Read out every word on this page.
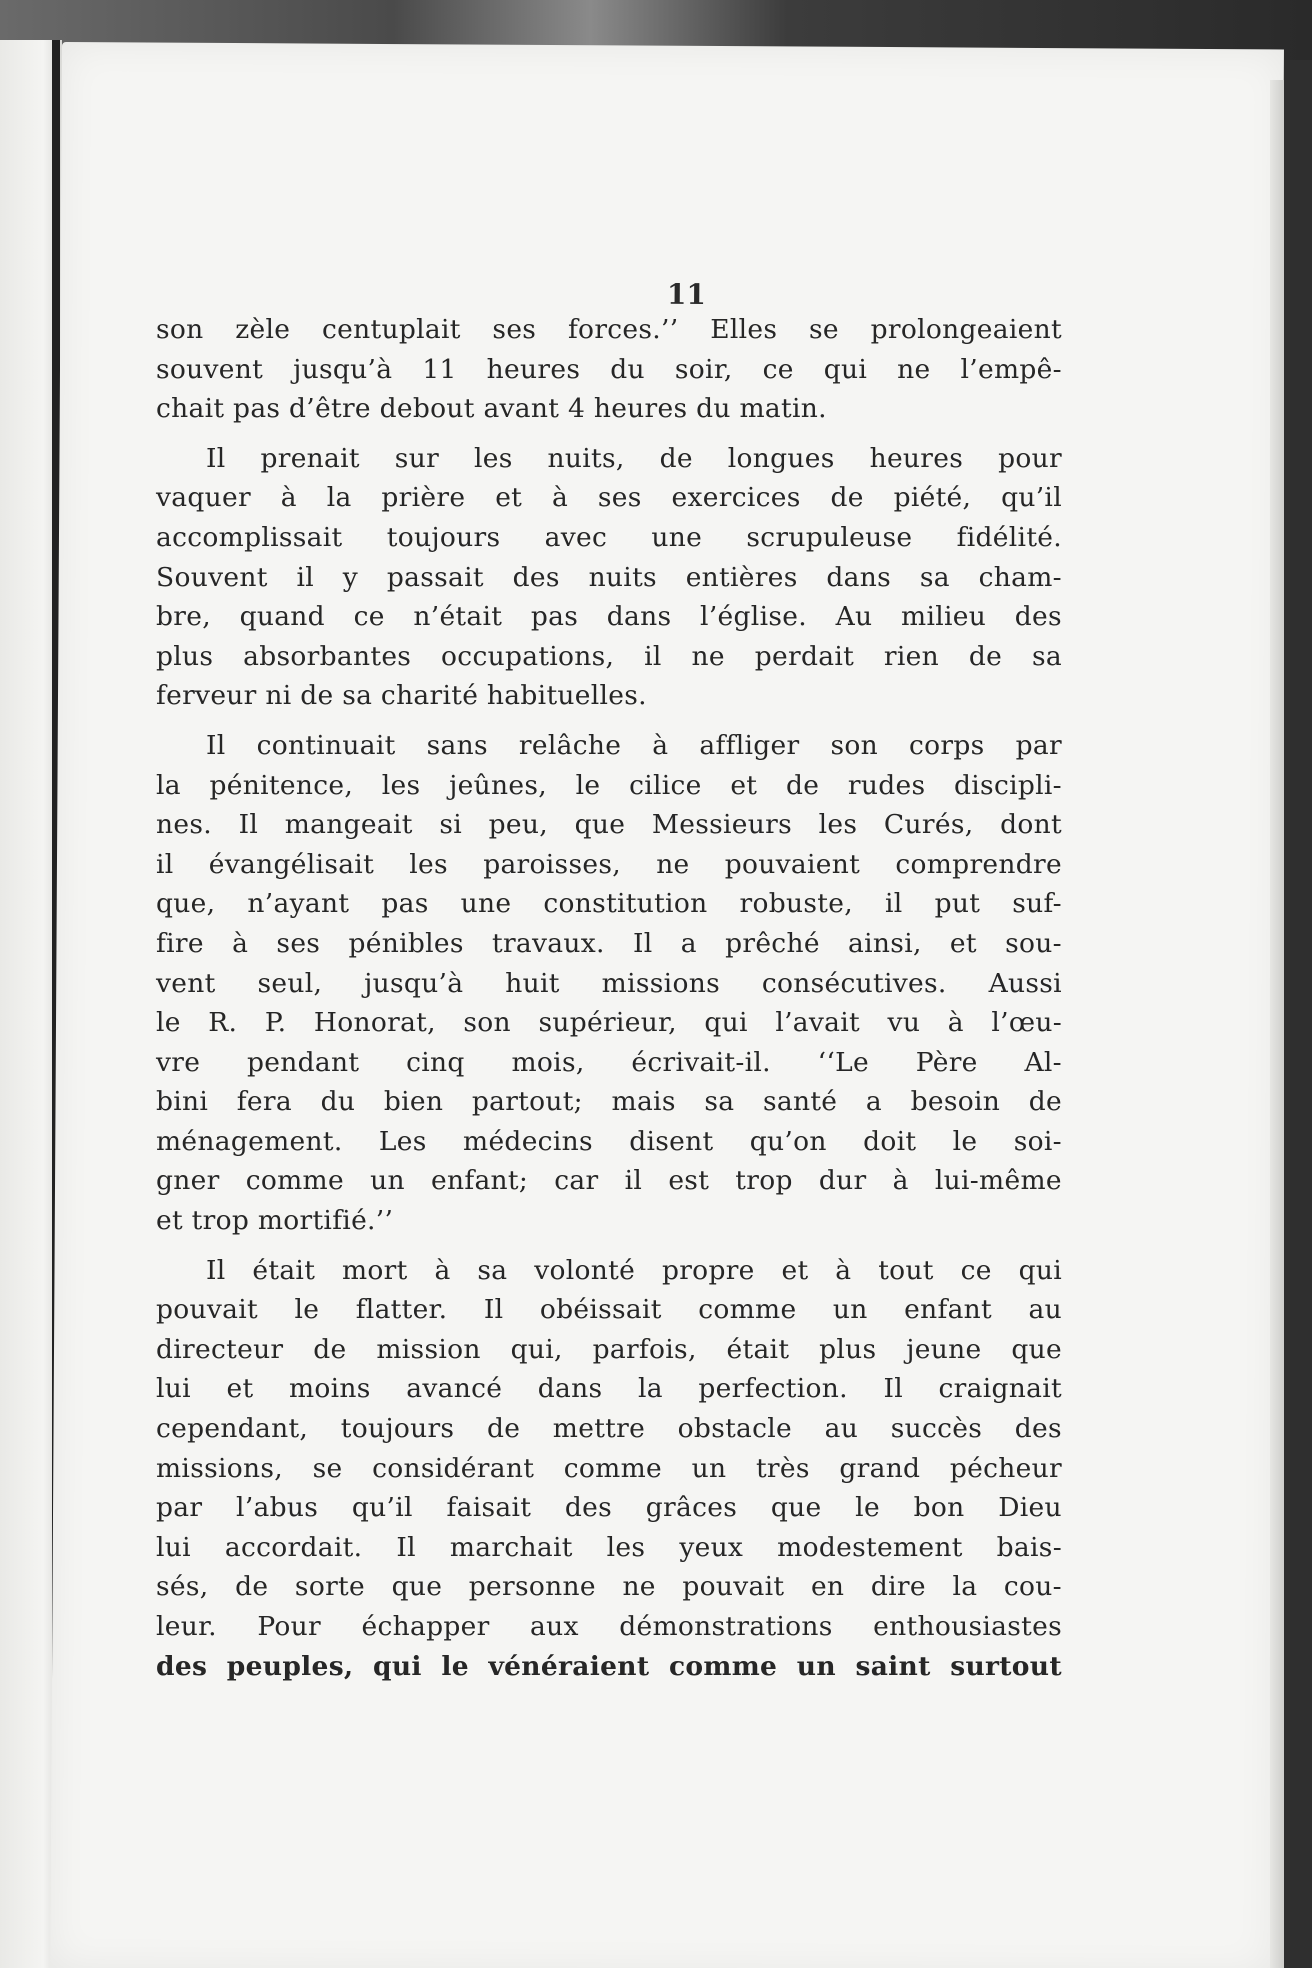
11
son zèle centuplait ses forces.’’ Elles se prolongeaient
souvent jusqu’à 11 heures du soir, ce qui ne l’empê-
chait pas d’être debout avant 4 heures du matin.
Il prenait sur les nuits, de longues heures pour
vaquer à la prière et à ses exercices de piété, qu’il
accomplissait toujours avec une scrupuleuse fidélité.
Souvent il y passait des nuits entières dans sa cham-
bre, quand ce n’était pas dans l’église. Au milieu des
plus absorbantes occupations, il ne perdait rien de sa
ferveur ni de sa charité habituelles.
Il continuait sans relâche à affliger son corps par
la pénitence, les jeûnes, le cilice et de rudes discipli-
nes. Il mangeait si peu, que Messieurs les Curés, dont
il évangélisait les paroisses, ne pouvaient comprendre
que, n’ayant pas une constitution robuste, il put suf-
fire à ses pénibles travaux. Il a prêché ainsi, et sou-
vent seul, jusqu’à huit missions consécutives. Aussi
le R. P. Honorat, son supérieur, qui l’avait vu à l’œu-
vre pendant cinq mois, écrivait-il. ‘‘Le Père Al-
bini fera du bien partout; mais sa santé a besoin de
ménagement. Les médecins disent qu’on doit le soi-
gner comme un enfant; car il est trop dur à lui-même
et trop mortifié.’’
Il était mort à sa volonté propre et à tout ce qui
pouvait le flatter. Il obéissait comme un enfant au
directeur de mission qui, parfois, était plus jeune que
lui et moins avancé dans la perfection. Il craignait
cependant, toujours de mettre obstacle au succès des
missions, se considérant comme un très grand pécheur
par l’abus qu’il faisait des grâces que le bon Dieu
lui accordait. Il marchait les yeux modestement bais-
sés, de sorte que personne ne pouvait en dire la cou-
leur. Pour échapper aux démonstrations enthousiastes
des peuples, qui le vénéraient comme un saint surtout
